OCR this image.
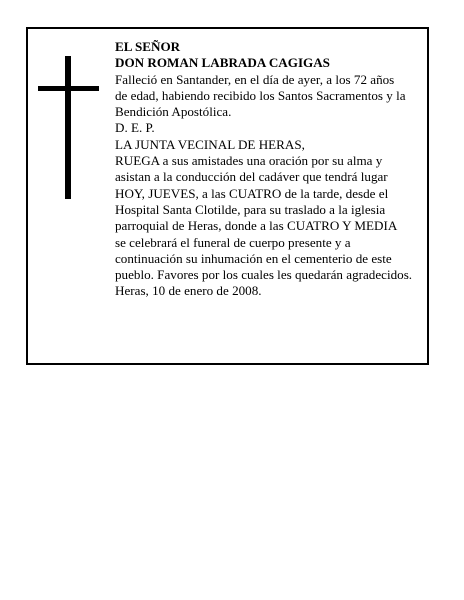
EL SEÑOR
DON ROMAN LABRADA CAGIGAS
Falleció en Santander, en el día de ayer, a los 72 años
de edad, habiendo recibido los Santos Sacramentos y la
Bendición Apostólica.
D. E. P.
LA JUNTA VECINAL DE HERAS,
RUEGA a sus amistades una oración por su alma y
asistan a la conducción del cadáver que tendrá lugar
HOY, JUEVES, a las CUATRO de la tarde, desde el
Hospital Santa Clotilde, para su traslado a la iglesia
parroquial de Heras, donde a las CUATRO Y MEDIA
se celebrará el funeral de cuerpo presente y a
continuación su inhumación en el cementerio de este
pueblo. Favores por los cuales les quedarán agradecidos.
Heras, 10 de enero de 2008.
